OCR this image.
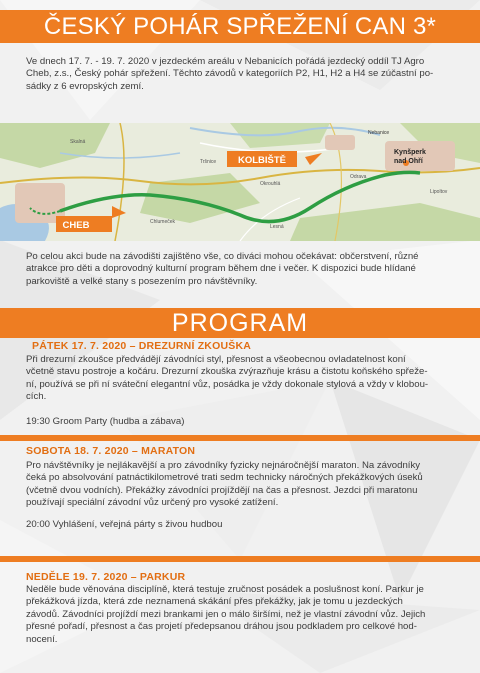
ČESKÝ POHÁR SPŘEŽENÍ CAN 3*
Ve dnech 17. 7. - 19. 7. 2020 v jezdeckém areálu v Nebanicích pořádá jezdecký oddíl TJ Agro
Cheb, z.s., Český pohár spřežení. Těchto závodů v kategoriích P2, H1, H2 a H4 se zúčastní po-
sádky z 6 evropských zemí.
Nebanice
Tršnice
Okrouhlá
Chlumeček
Odrava
Lipoltov
Skalná
Lesná
Kynšperk
nad Ohří
KOLBIŠTĚ
CHEB
Po celou akci bude na závodišti zajištěno vše, co diváci mohou očekávat: občerstvení, různé
atrakce pro děti a doprovodný kulturní program během dne i večer. K dispozici bude hlídané
parkoviště a velké stany s posezením pro návštěvníky.
PROGRAM
PÁTEK 17. 7. 2020 – DREZURNÍ ZKOUŠKA
Při drezurní zkoušce předvádějí závodníci styl, přesnost a všeobecnou ovladatelnost koní
včetně stavu postroje a kočáru. Drezurní zkouška zvýrazňuje krásu a čistotu koňského spřeže-
ní, používá se při ní sváteční elegantní vůz, posádka je vždy dokonale stylová a vždy v klobou-
cích.
19:30 Groom Party (hudba a zábava)
SOBOTA 18. 7. 2020 – MARATON
Pro návštěvníky je nejlákavější a pro závodníky fyzicky nejnáročnější maraton. Na závodníky
čeká po absolvování patnáctikilometrové trati sedm technicky náročných překážkových úseků
(včetně dvou vodních). Překážky závodníci projíždějí na čas a přesnost. Jezdci při maratonu
používají speciální závodní vůz určený pro vysoké zatížení.
20:00 Vyhlášení, veřejná párty s živou hudbou
NEDĚLE 19. 7. 2020 – PARKUR
Neděle bude věnována disciplíně, která testuje zručnost posádek a poslušnost koní. Parkur je
překážková jízda, která zde neznamená skákání přes překážky, jak je tomu u jezdeckých
závodů. Závodníci projíždí mezi brankami jen o málo širšími, než je vlastní závodní vůz. Jejich
přesné pořadí, přesnost a čas projetí předepsanou dráhou jsou podkladem pro celkové hod-
nocení.
